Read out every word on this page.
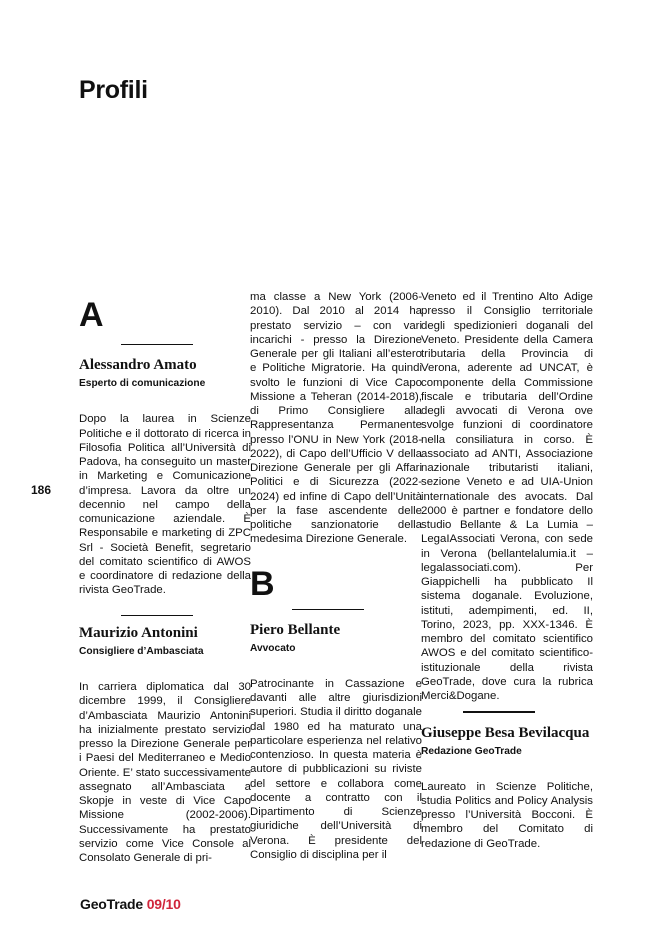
Profili
186
A
Alessandro Amato
Esperto di comunicazione

Dopo la laurea in Scienze Politiche e il dottorato di ricerca in Filosofia Politica all’Università di Padova, ha conseguito un master in Marketing e Comunicazione d’impresa. Lavora da oltre un decennio nel campo della comunicazione aziendale. È Responsabile e marketing di ZPC Srl - Società Benefit, segretario del comitato scientifico di AWOS e coordinatore di redazione della rivista GeoTrade.

Maurizio Antonini
Consigliere d’Ambasciata

In carriera diplomatica dal 30 dicembre 1999, il Consigliere d’Ambasciata Maurizio Antonini ha inizialmente prestato servizio presso la Direzione Generale per i Paesi del Mediterraneo e Medio Oriente. E’ stato successivamente assegnato all’Ambasciata a Skopje in veste di Vice Capo Missione (2002-2006). Successivamente ha prestato servizio come Vice Console al Consolato Generale di pri-

ma classe a New York (2006-2010). Dal 2010 al 2014 ha prestato servizio – con vari incarichi - presso la Direzione Generale per gli Italiani all’estero e Politiche Migratorie. Ha quindi svolto le funzioni di Vice Capo Missione a Teheran (2014-2018), di Primo Consigliere alla Rappresentanza Permanente presso l’ONU in New York (2018-2022), di Capo dell’Ufficio V della Direzione Generale per gli Affari Politici e di Sicurezza (2022-2024) ed infine di Capo dell’Unità per la fase ascendente delle politiche sanzionatorie della medesima Direzione Generale.

B
Piero Bellante
Avvocato

Patrocinante in Cassazione e davanti alle altre giurisdizioni superiori. Studia il diritto doganale dal 1980 ed ha maturato una particolare esperienza nel relativo contenzioso. In questa materia è autore di pubblicazioni su riviste del settore e collabora come docente a contratto con il Dipartimento di Scienze giuridiche dell’Università di Verona. È presidente del Consiglio di disciplina per il

Veneto ed il Trentino Alto Adige presso il Consiglio territoriale degli spedizionieri doganali del Veneto. Presidente della Camera tributaria della Provincia di Verona, aderente ad UNCAT, è componente della Commissione fiscale e tributaria dell’Ordine degli avvocati di Verona ove svolge funzioni di coordinatore nella consiliatura in corso. È associato ad ANTI, Associazione nazionale tributaristi italiani, sezione Veneto e ad UIA-Union internationale des avocats. Dal 2000 è partner e fondatore dello studio Bellante & La Lumia – LegaIAssociati Verona, con sede in Verona (bellantelalumia.it – legalassociati.com). Per Giappichelli ha pubblicato Il sistema doganale. Evoluzione, istituti, adempimenti, ed. II, Torino, 2023, pp. XXX-1346. È membro del comitato scientifico AWOS e del comitato scientifico-istituzionale della rivista GeoTrade, dove cura la rubrica Merci&Dogane.

Giuseppe Besa Bevilacqua
Redazione GeoTrade

Laureato in Scienze Politiche, studia Politics and Policy Analysis presso l’Università Bocconi. È membro del Comitato di redazione di GeoTrade.

GeoTrade 09/10
